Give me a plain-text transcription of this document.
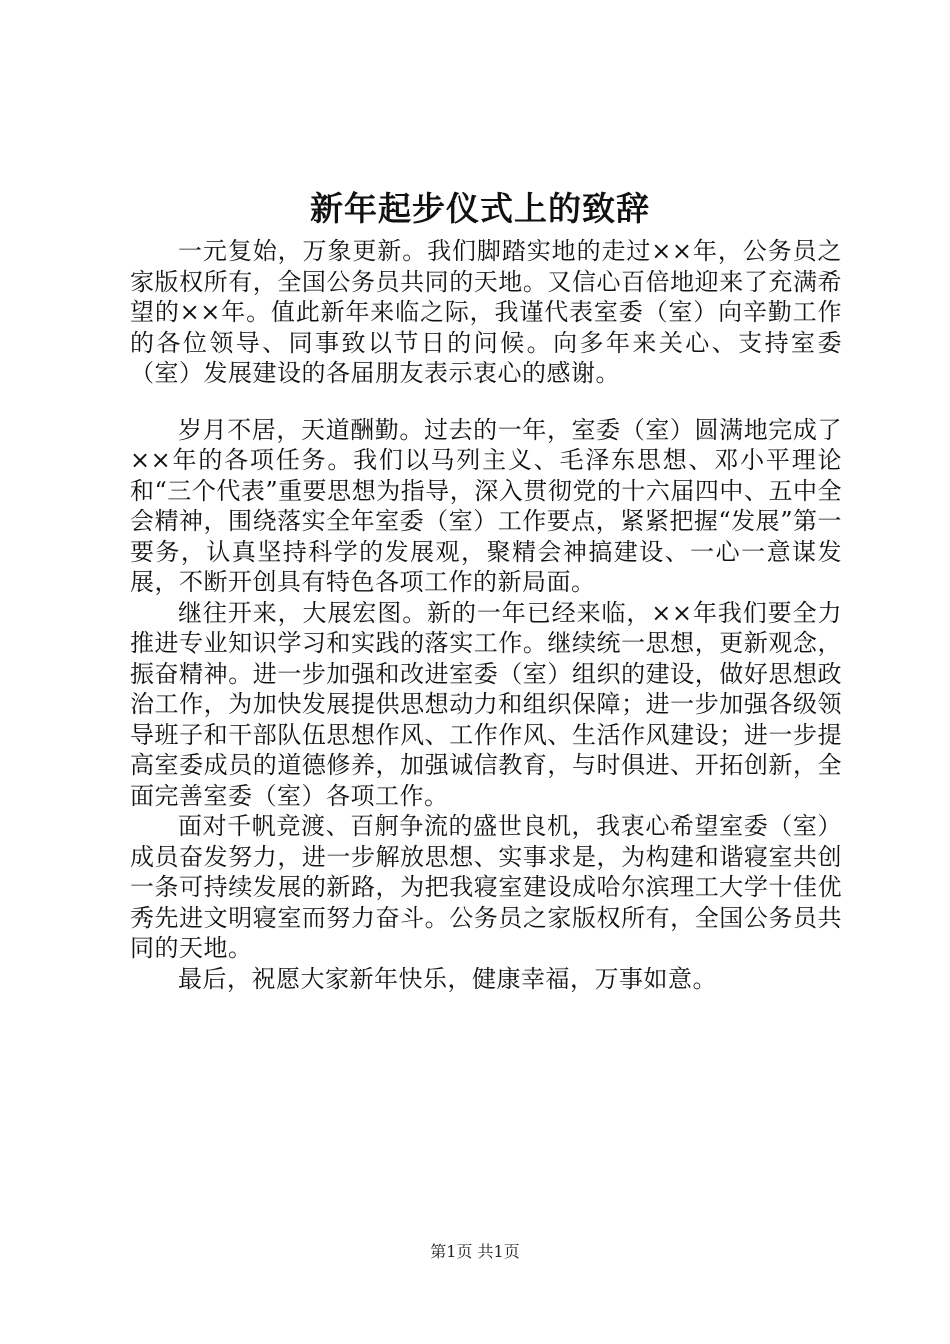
新年起步仪式上的致辞

一元复始，万象更新。我们脚踏实地的走过××年，公务员之家版权所有，全国公务员共同的天地。又信心百倍地迎来了充满希望的××年。值此新年来临之际，我谨代表室委（室）向辛勤工作的各位领导、同事致以节日的问候。向多年来关心、支持室委（室）发展建设的各届朋友表示衷心的感谢。

岁月不居，天道酬勤。过去的一年，室委（室）圆满地完成了××年的各项任务。我们以马列主义、毛泽东思想、邓小平理论和“三个代表”重要思想为指导，深入贯彻党的十六届四中、五中全会精神，围绕落实全年室委（室）工作要点，紧紧把握“发展”第一要务，认真坚持科学的发展观，聚精会神搞建设、一心一意谋发展，不断开创具有特色各项工作的新局面。

继往开来，大展宏图。新的一年已经来临，××年我们要全力推进专业知识学习和实践的落实工作。继续统一思想，更新观念，振奋精神。进一步加强和改进室委（室）组织的建设，做好思想政治工作，为加快发展提供思想动力和组织保障；进一步加强各级领导班子和干部队伍思想作风、工作作风、生活作风建设；进一步提高室委成员的道德修养，加强诚信教育，与时俱进、开拓创新，全面完善室委（室）各项工作。

面对千帆竞渡、百舸争流的盛世良机，我衷心希望室委（室）成员奋发努力，进一步解放思想、实事求是，为构建和谐寝室共创一条可持续发展的新路，为把我寝室建设成哈尔滨理工大学十佳优秀先进文明寝室而努力奋斗。公务员之家版权所有，全国公务员共同的天地。

最后，祝愿大家新年快乐，健康幸福，万事如意。

第1页 共1页
